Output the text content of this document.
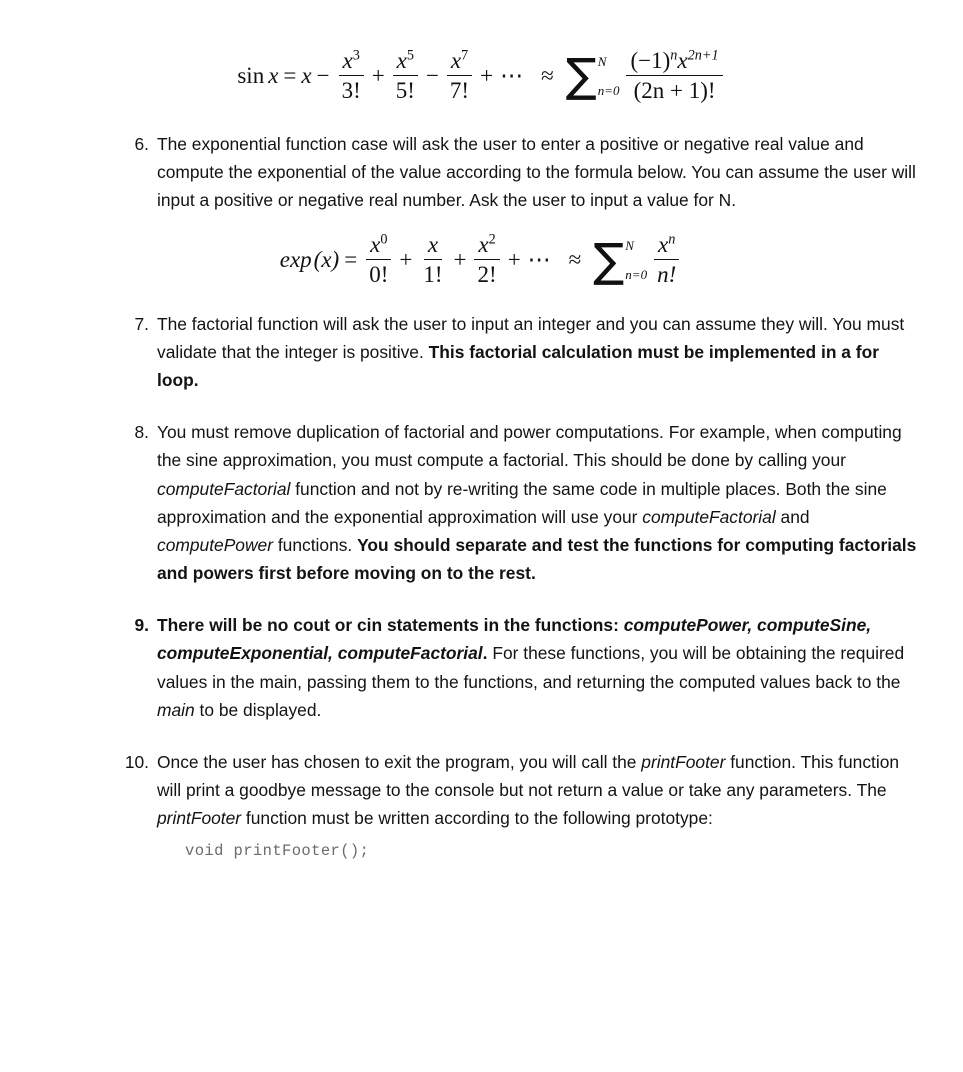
$\sin x = x - \frac{x^3}{3!} + \frac{x^5}{5!} - \frac{x^7}{7!}$ + ⋯ ≈ ∑ N
$n=0 \frac{(-1)^nx^{2n+1}}{(2n + 1)!}$
6. The exponential function case will ask the user to enter a positive or negative real value and compute the exponential of the value according to the formula below. You can assume the user will input a positive or negative real number. Ask the user to input a value for N.
exp ( x ) = $\frac{x^0}{0!} + \frac{x}{1!} + \frac{x^2}{2!}$ + ⋯ ≈ ∑ N
$n=0 \frac{x^n}{n!}$
7. The factorial function will ask the user to input an integer and you can assume they will. You must validate that the integer is positive. This factorial calculation must be implemented in a for loop.
8. You must remove duplication of factorial and power computations. For example, when computing the sine approximation, you must compute a factorial. This should be done by calling your computeFactorial function and not by re-writing the same code in multiple places. Both the sine approximation and the exponential approximation will use your computeFactorial and computePower functions. You should separate and test the functions for computing factorials and powers first before moving on to the rest.
9. There will be no cout or cin statements in the functions: computePower, computeSine, computeExponential, computeFactorial. For these functions, you will be obtaining the required values in the main, passing them to the functions, and returning the computed values back to the main to be displayed.
10. Once the user has chosen to exit the program, you will call the printFooter function. This function will print a goodbye message to the console but not return a value or take any parameters. The printFooter function must be written according to the following prototype:
void printFooter();
